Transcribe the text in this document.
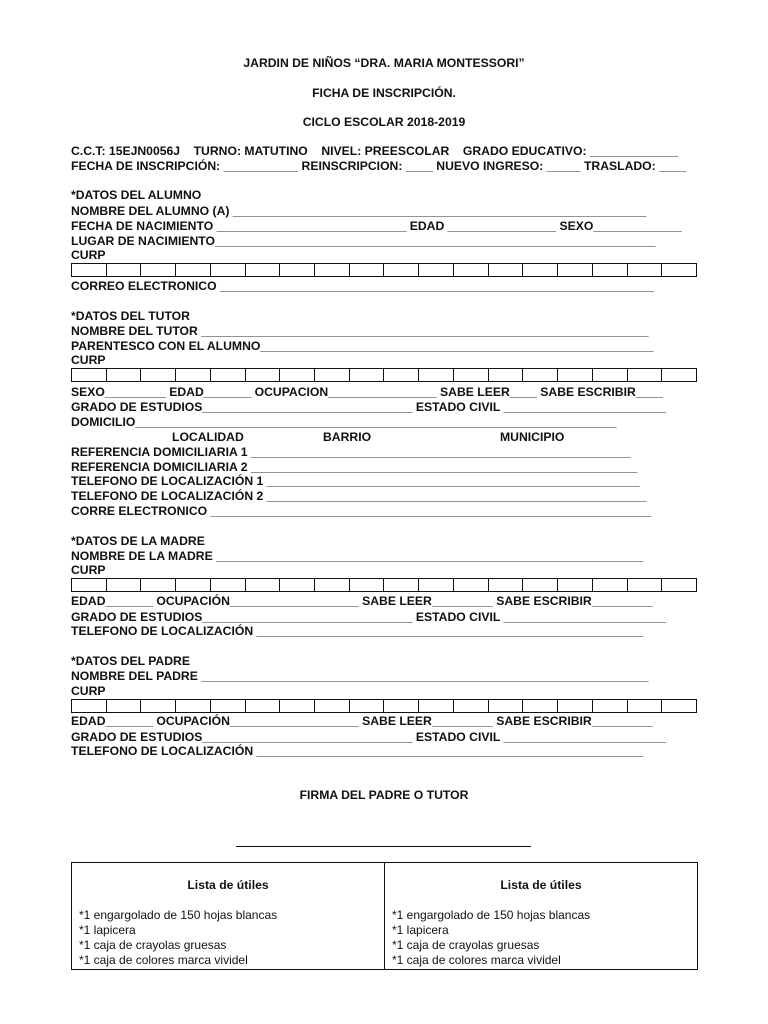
JARDIN DE NIÑOS “DRA. MARIA MONTESSORI”
FICHA DE INSCRIPCIÓN.
CICLO ESCOLAR 2018-2019
C.C.T: 15EJN0056J    TURNO: MATUTINO    NIVEL: PREESCOLAR    GRADO EDUCATIVO: _____________
FECHA DE INSCRIPCIÓN: ___________ REINSCRIPCION: ____ NUEVO INGRESO: _____ TRASLADO: ____
*DATOS DEL ALUMNO
NOMBRE DEL ALUMNO (A) _____________________________________________________________
FECHA DE NACIMIENTO ____________________________ EDAD ________________ SEXO_____________
LUGAR DE NACIMIENTO_________________________________________________________________
CURP
CORREO ELECTRONICO ________________________________________________________________
*DATOS DEL TUTOR
NOMBRE DEL TUTOR __________________________________________________________________
PARENTESCO CON EL ALUMNO__________________________________________________________
CURP
SEXO_________ EDAD_______ OCUPACION________________ SABE LEER____ SABE ESCRIBIR____
GRADO DE ESTUDIOS_______________________________ ESTADO CIVIL ________________________
DOMICILIO_______________________________________________________________________
LOCALIDAD	BARRIO	MUNICIPIO
REFERENCIA DOMICILIARIA 1 ________________________________________________________
REFERENCIA DOMICILIARIA 2 _________________________________________________________
TELEFONO DE LOCALIZACIÓN 1 _______________________________________________________
TELEFONO DE LOCALIZACIÓN 2 ________________________________________________________
CORRE ELECTRONICO _________________________________________________________________
*DATOS DE LA MADRE
NOMBRE DE LA MADRE _______________________________________________________________
CURP
EDAD_______ OCUPACIÓN___________________ SABE LEER_________ SABE ESCRIBIR_________
GRADO DE ESTUDIOS_______________________________ ESTADO CIVIL ________________________
TELEFONO DE LOCALIZACIÓN _________________________________________________________
*DATOS DEL PADRE
NOMBRE DEL PADRE __________________________________________________________________
CURP
EDAD_______ OCUPACIÓN___________________ SABE LEER_________ SABE ESCRIBIR_________
GRADO DE ESTUDIOS_______________________________ ESTADO CIVIL ________________________
TELEFONO DE LOCALIZACIÓN _________________________________________________________
FIRMA DEL PADRE O TUTOR
Lista de útiles
*1 engargolado de 150 hojas blancas
*1 lapicera
*1 caja de crayolas gruesas
*1 caja de colores marca vividel
Lista de útiles
*1 engargolado de 150 hojas blancas
*1 lapicera
*1 caja de crayolas gruesas
*1 caja de colores marca vividel
